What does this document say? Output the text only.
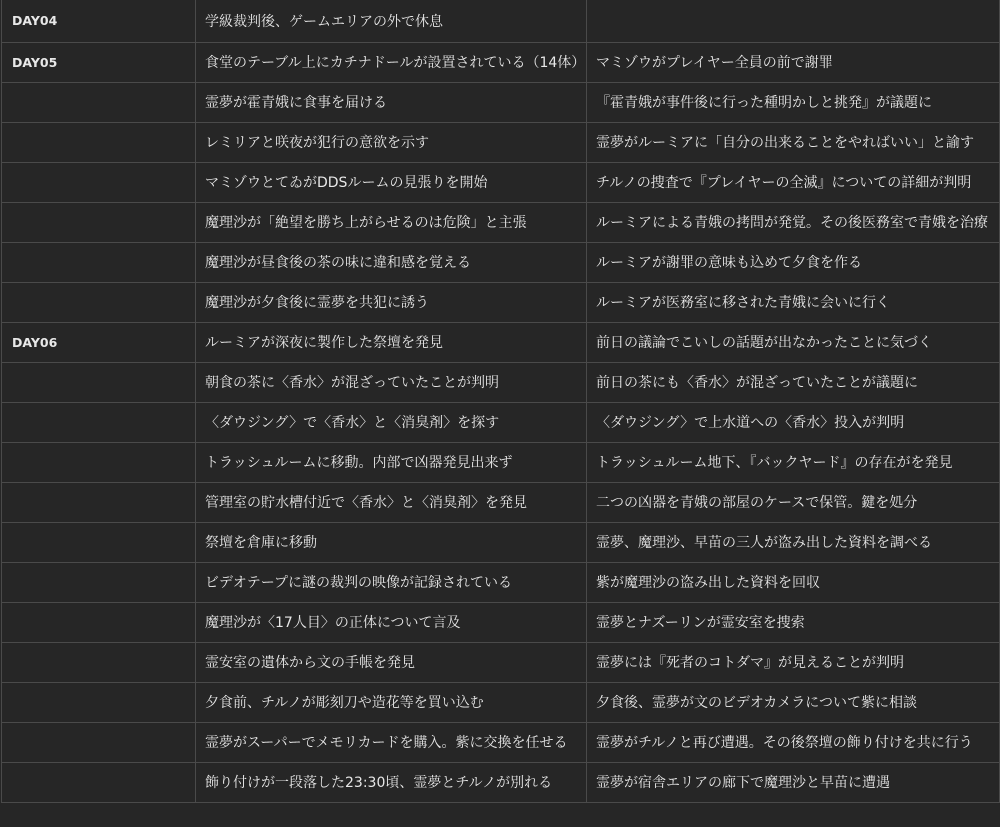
DAY04	学級裁判後、ゲームエリアの外で休息	
DAY05	食堂のテーブル上にカチナドールが設置されている（14体）	マミゾウがプレイヤー全員の前で謝罪
	霊夢が霍青娥に食事を届ける	『霍青娥が事件後に行った種明かしと挑発』が議題に
	レミリアと咲夜が犯行の意欲を示す	霊夢がルーミアに「自分の出来ることをやればいい」と諭す
	マミゾウとてゐがDDSルームの見張りを開始	チルノの捜査で『プレイヤーの全滅』についての詳細が判明
	魔理沙が「絶望を勝ち上がらせるのは危険」と主張	ルーミアによる青娥の拷問が発覚。その後医務室で青娥を治療
	魔理沙が昼食後の茶の味に違和感を覚える	ルーミアが謝罪の意味も込めて夕食を作る
	魔理沙が夕食後に霊夢を共犯に誘う	ルーミアが医務室に移された青娥に会いに行く
DAY06	ルーミアが深夜に製作した祭壇を発見	前日の議論でこいしの話題が出なかったことに気づく
	朝食の茶に〈香水〉が混ざっていたことが判明	前日の茶にも〈香水〉が混ざっていたことが議題に
	〈ダウジング〉で〈香水〉と〈消臭剤〉を探す	〈ダウジング〉で上水道への〈香水〉投入が判明
	トラッシュルームに移動。内部で凶器発見出来ず	トラッシュルーム地下、『バックヤード』の存在がを発見
	管理室の貯水槽付近で〈香水〉と〈消臭剤〉を発見	二つの凶器を青娥の部屋のケースで保管。鍵を処分
	祭壇を倉庫に移動	霊夢、魔理沙、早苗の三人が盗み出した資料を調べる
	ビデオテープに謎の裁判の映像が記録されている	紫が魔理沙の盗み出した資料を回収
	魔理沙が〈17人目〉の正体について言及	霊夢とナズーリンが霊安室を捜索
	霊安室の遺体から文の手帳を発見	霊夢には『死者のコトダマ』が見えることが判明
	夕食前、チルノが彫刻刀や造花等を買い込む	夕食後、霊夢が文のビデオカメラについて紫に相談
	霊夢がスーパーでメモリカードを購入。紫に交換を任せる	霊夢がチルノと再び遭遇。その後祭壇の飾り付けを共に行う
	飾り付けが一段落した23:30頃、霊夢とチルノが別れる	霊夢が宿舎エリアの廊下で魔理沙と早苗に遭遇
